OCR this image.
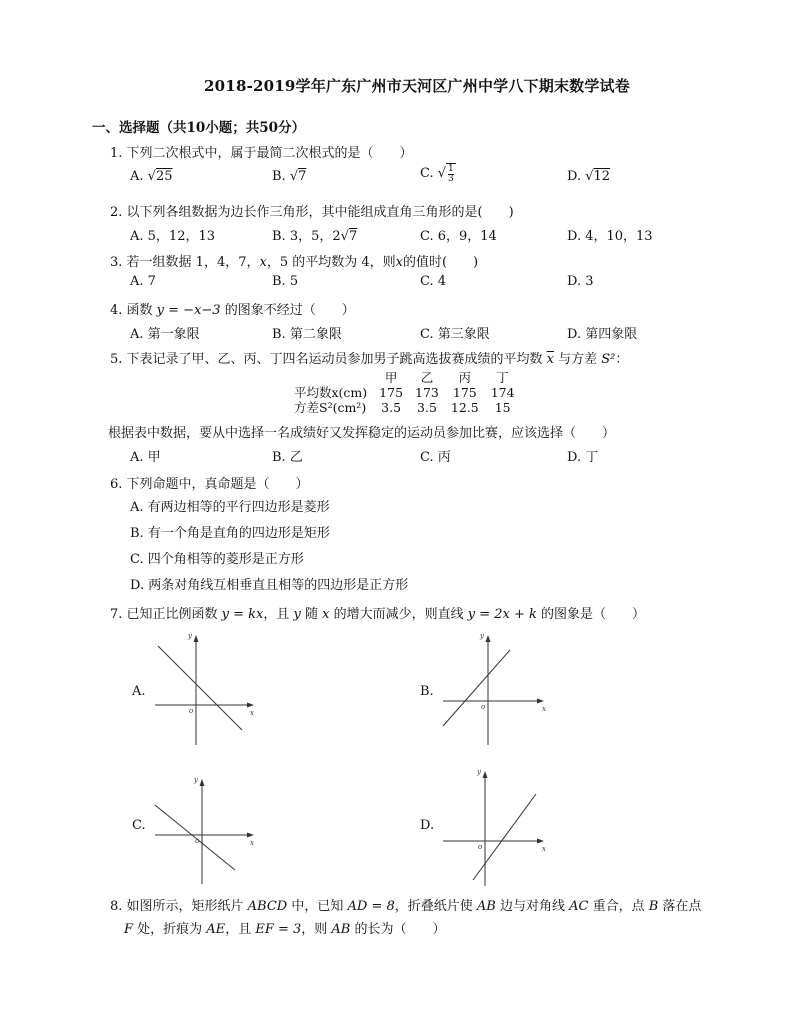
2018-2019学年广东广州市天河区广州中学八下期末数学试卷
一、选择题（共10小题；共50分）
1. 下列二次根式中，属于最简二次根式的是（　　）
A. √25	B. √7	C. $√\frac{1}{3}$	D. √12
2. 以下列各组数据为边长作三角形，其中能组成直角三角形的是(　　)
A. 5，12，13	B. 3，5，2√7	C. 6，9，14	D. 4，10，13
3. 若一组数据 1，4，7，x，5 的平均数为 4，则x的值时(　　)
A. 7	B. 5	C. 4	D. 3
4. 函数 y = −x−3 的图象不经过（　　）
A. 第一象限	B. 第二象限	C. 第三象限	D. 第四象限
5. 下表记录了甲、乙、丙、丁四名运动员参加男子跳高选拔赛成绩的平均数 $\overline{x}$ 与方差 S²：
	甲	乙	丙	丁
平均数x(cm)	175	173	175	174
方差S²(cm²)	3.5	3.5	12.5	15
根据表中数据，要从中选择一名成绩好又发挥稳定的运动员参加比赛，应该选择（　　）
A. 甲	B. 乙	C. 丙	D. 丁
6. 下列命题中，真命题是（　　）
A. 有两边相等的平行四边形是菱形
B. 有一个角是直角的四边形是矩形
C. 四个角相等的菱形是正方形
D. 两条对角线互相垂直且相等的四边形是正方形
7. 已知正比例函数 y = kx，且 y 随 x 的增大而减少，则直线 y = 2x + k 的图象是（　　）
A.
o	x
y
B.
o	x
y
C.
o	x
y
D.
o	x
y
8. 如图所示，矩形纸片 ABCD 中，已知 AD = 8，折叠纸片使 AB 边与对角线 AC 重合，点 B 落在点
F 处，折痕为 AE，且 EF = 3，则 AB 的长为（　　）
